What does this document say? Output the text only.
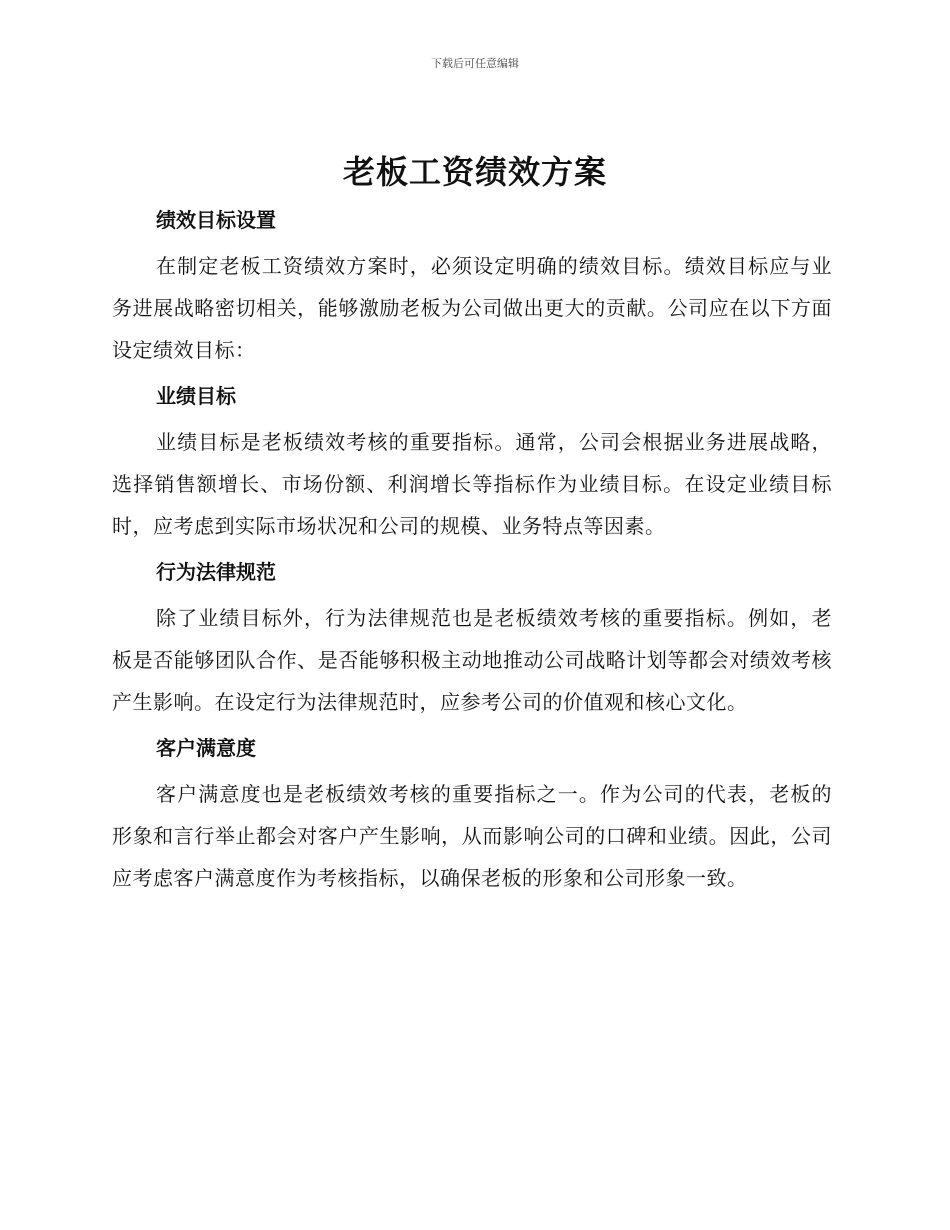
下载后可任意编辑
老板工资绩效方案
绩效目标设置

在制定老板工资绩效方案时，必须设定明确的绩效目标。绩效目标应与业务进展战略密切相关，能够激励老板为公司做出更大的贡献。公司应在以下方面设定绩效目标：

业绩目标

业绩目标是老板绩效考核的重要指标。通常，公司会根据业务进展战略，选择销售额增长、市场份额、利润增长等指标作为业绩目标。在设定业绩目标时，应考虑到实际市场状况和公司的规模、业务特点等因素。

行为法律规范

除了业绩目标外，行为法律规范也是老板绩效考核的重要指标。例如，老板是否能够团队合作、是否能够积极主动地推动公司战略计划等都会对绩效考核产生影响。在设定行为法律规范时，应参考公司的价值观和核心文化。

客户满意度

客户满意度也是老板绩效考核的重要指标之一。作为公司的代表，老板的形象和言行举止都会对客户产生影响，从而影响公司的口碑和业绩。因此，公司应考虑客户满意度作为考核指标，以确保老板的形象和公司形象一致。
